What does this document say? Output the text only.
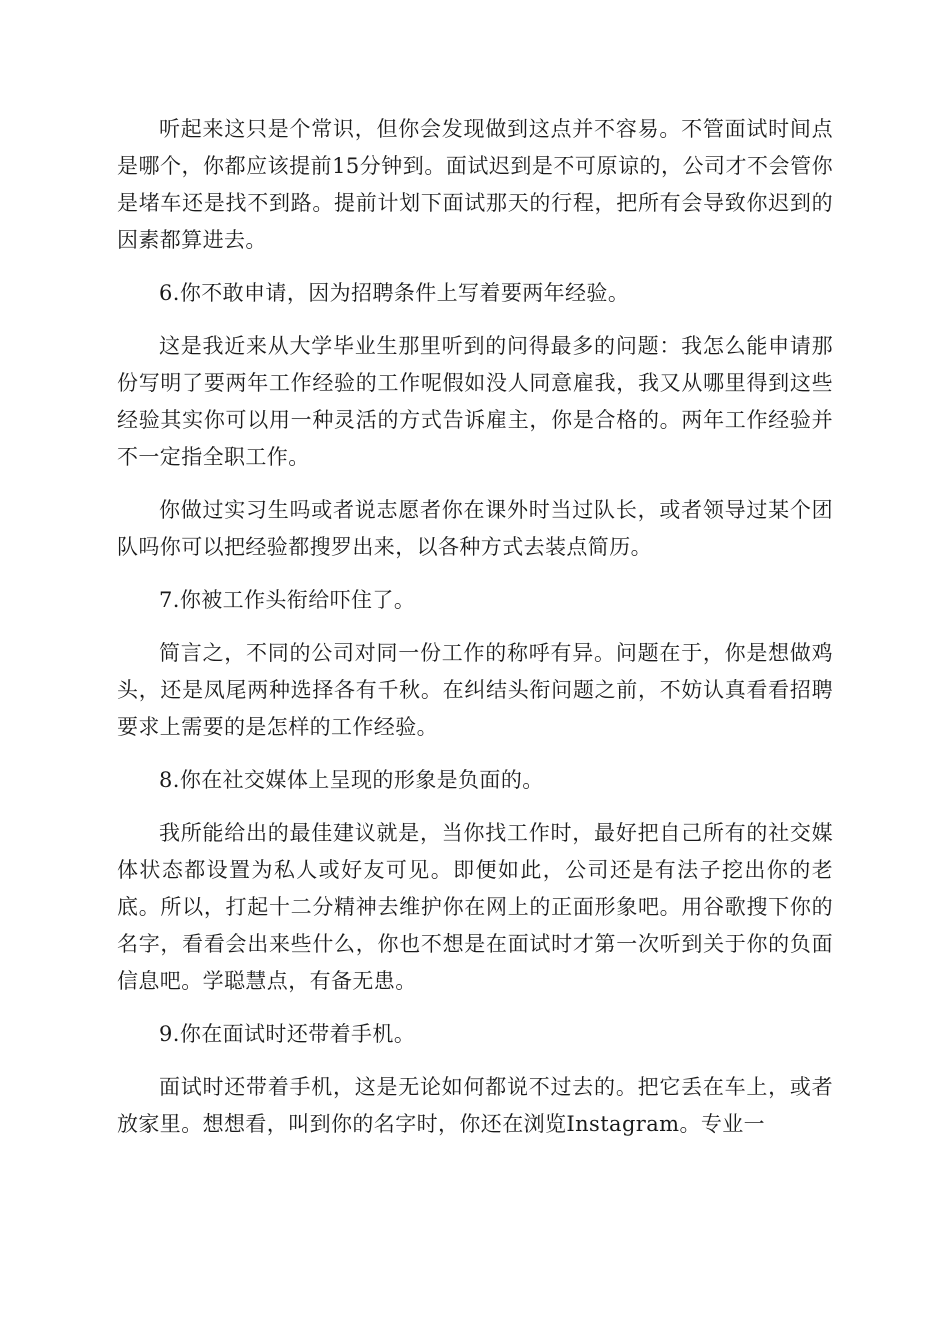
听起来这只是个常识，但你会发现做到这点并不容易。不管面试时间点是哪个，你都应该提前15分钟到。面试迟到是不可原谅的，公司才不会管你是堵车还是找不到路。提前计划下面试那天的行程，把所有会导致你迟到的因素都算进去。

6.你不敢申请，因为招聘条件上写着要两年经验。

这是我近来从大学毕业生那里听到的问得最多的问题：我怎么能申请那份写明了要两年工作经验的工作呢假如没人同意雇我，我又从哪里得到这些经验其实你可以用一种灵活的方式告诉雇主，你是合格的。两年工作经验并不一定指全职工作。

你做过实习生吗或者说志愿者你在课外时当过队长，或者领导过某个团队吗你可以把经验都搜罗出来，以各种方式去装点简历。

7.你被工作头衔给吓住了。

简言之，不同的公司对同一份工作的称呼有异。问题在于，你是想做鸡头，还是凤尾两种选择各有千秋。在纠结头衔问题之前，不妨认真看看招聘要求上需要的是怎样的工作经验。

8.你在社交媒体上呈现的形象是负面的。

我所能给出的最佳建议就是，当你找工作时，最好把自己所有的社交媒体状态都设置为私人或好友可见。即便如此，公司还是有法子挖出你的老底。所以，打起十二分精神去维护你在网上的正面形象吧。用谷歌搜下你的名字，看看会出来些什么，你也不想是在面试时才第一次听到关于你的负面信息吧。学聪慧点，有备无患。

9.你在面试时还带着手机。

面试时还带着手机，这是无论如何都说不过去的。把它丢在车上，或者放家里。想想看，叫到你的名字时，你还在浏览Instagram。专业一
